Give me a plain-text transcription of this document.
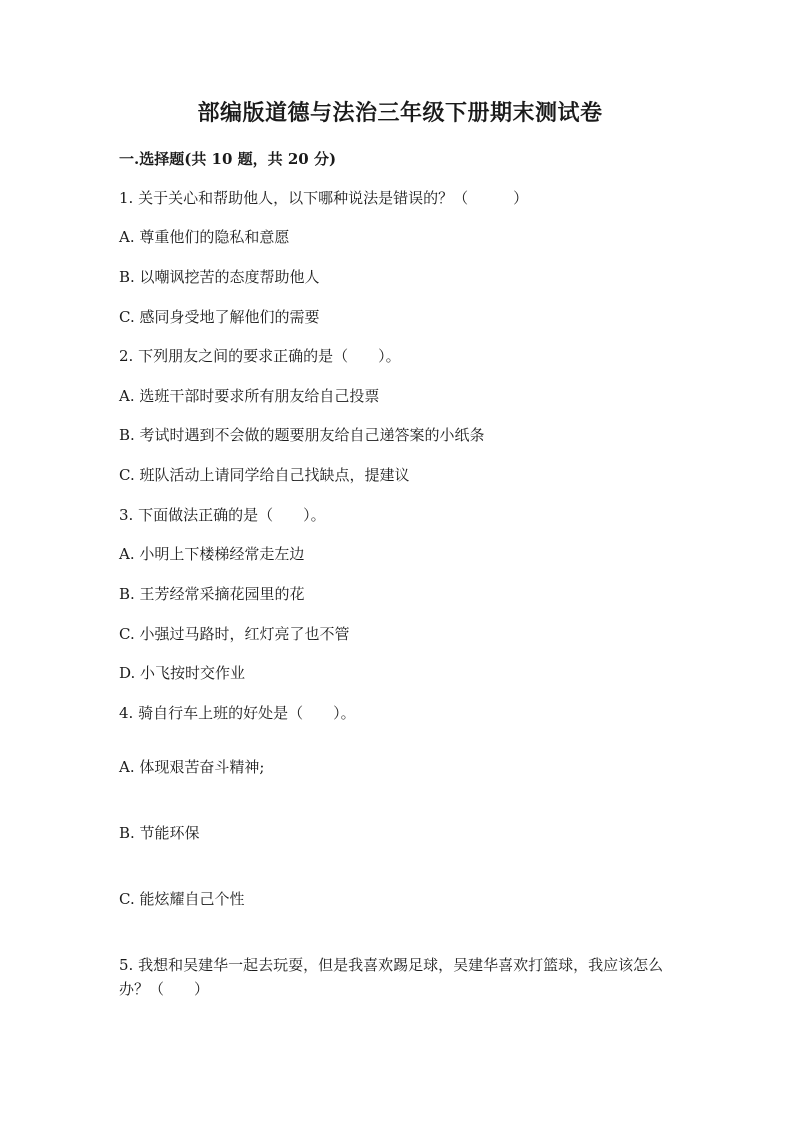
部编版道德与法治三年级下册期末测试卷
一.选择题(共 10 题，共 20 分)
1. 关于关心和帮助他人，以下哪种说法是错误的？（　　　）
A. 尊重他们的隐私和意愿
B. 以嘲讽挖苦的态度帮助他人
C. 感同身受地了解他们的需要
2. 下列朋友之间的要求正确的是（　　）。
A. 选班干部时要求所有朋友给自己投票
B. 考试时遇到不会做的题要朋友给自己递答案的小纸条
C. 班队活动上请同学给自己找缺点，提建议
3. 下面做法正确的是（　　）。
A. 小明上下楼梯经常走左边
B. 王芳经常采摘花园里的花
C. 小强过马路时，红灯亮了也不管
D. 小飞按时交作业
4. 骑自行车上班的好处是（　　）。
A. 体现艰苦奋斗精神;
B. 节能环保
C. 能炫耀自己个性
5. 我想和吴建华一起去玩耍，但是我喜欢踢足球，吴建华喜欢打篮球，我应该怎么办？（　　）
